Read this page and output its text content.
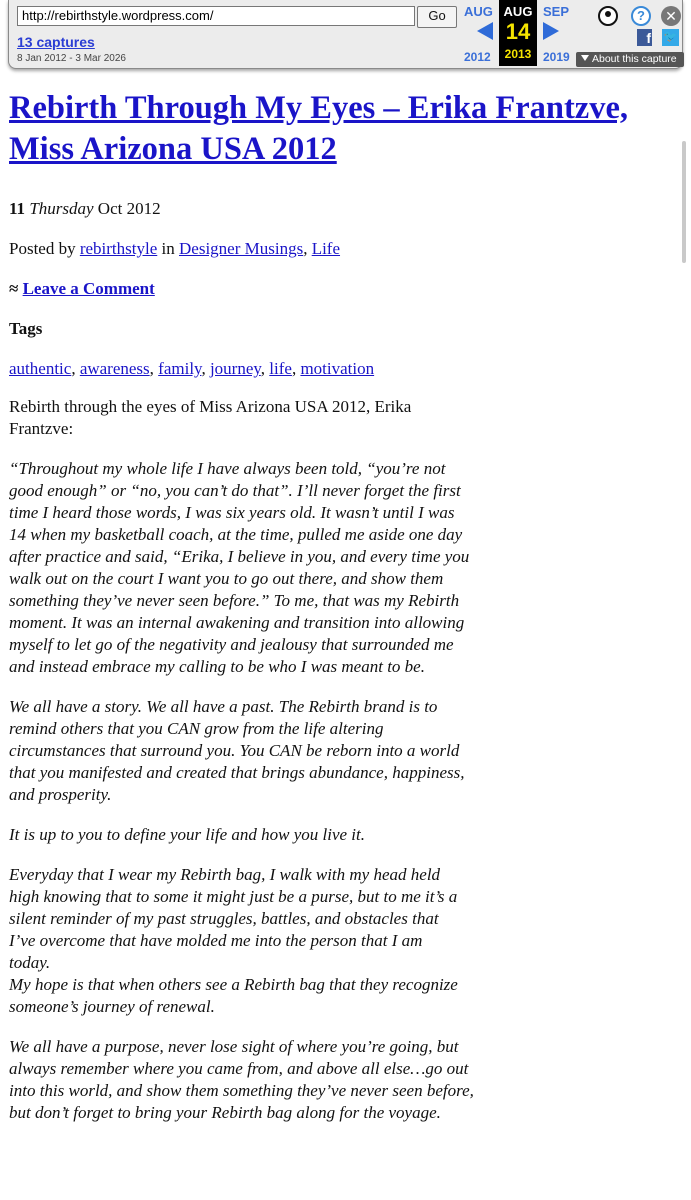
http://rebirthstyle.wordpress.com/
Go
13 captures
8 Jan 2012 - 3 Mar 2026
AUG
2012
AUG
14
2013
SEP
2019
?	✕
f 🐦
About this capture
Rebirth Through My Eyes – Erika Frantzve, Miss Arizona USA 2012
11 Thursday Oct 2012
Posted by rebirthstyle in Designer Musings, Life
≈ Leave a Comment
Tags
authentic, awareness, family, journey, life, motivation

Rebirth through the eyes of Miss Arizona USA 2012, Erika Frantzve:

“Throughout my whole life I have always been told, “you’re not good enough” or “no, you can’t do that”. I’ll never forget the first time I heard those words, I was six years old. It wasn’t until I was 14 when my basketball coach, at the time, pulled me aside one day after practice and said, “Erika, I believe in you, and every time you walk out on the court I want you to go out there, and show them something they’ve never seen before.” To me, that was my Rebirth moment. It was an internal awakening and transition into allowing myself to let go of the negativity and jealousy that surrounded me and instead embrace my calling to be who I was meant to be.

We all have a story. We all have a past. The Rebirth brand is to remind others that you CAN grow from the life altering circumstances that surround you. You CAN be reborn into a world that you manifested and created that brings abundance, happiness, and prosperity.

It is up to you to define your life and how you live it.

Everyday that I wear my Rebirth bag, I walk with my head held high knowing that to some it might just be a purse, but to me it’s a silent reminder of my past struggles, battles, and obstacles that I’ve overcome that have molded me into the person that I am today.

My hope is that when others see a Rebirth bag that they recognize someone’s journey of renewal.

We all have a purpose, never lose sight of where you’re going, but always remember where you came from, and above all else…go out into this world, and show them something they’ve never seen before, but don’t forget to bring your Rebirth bag along for the voyage.
